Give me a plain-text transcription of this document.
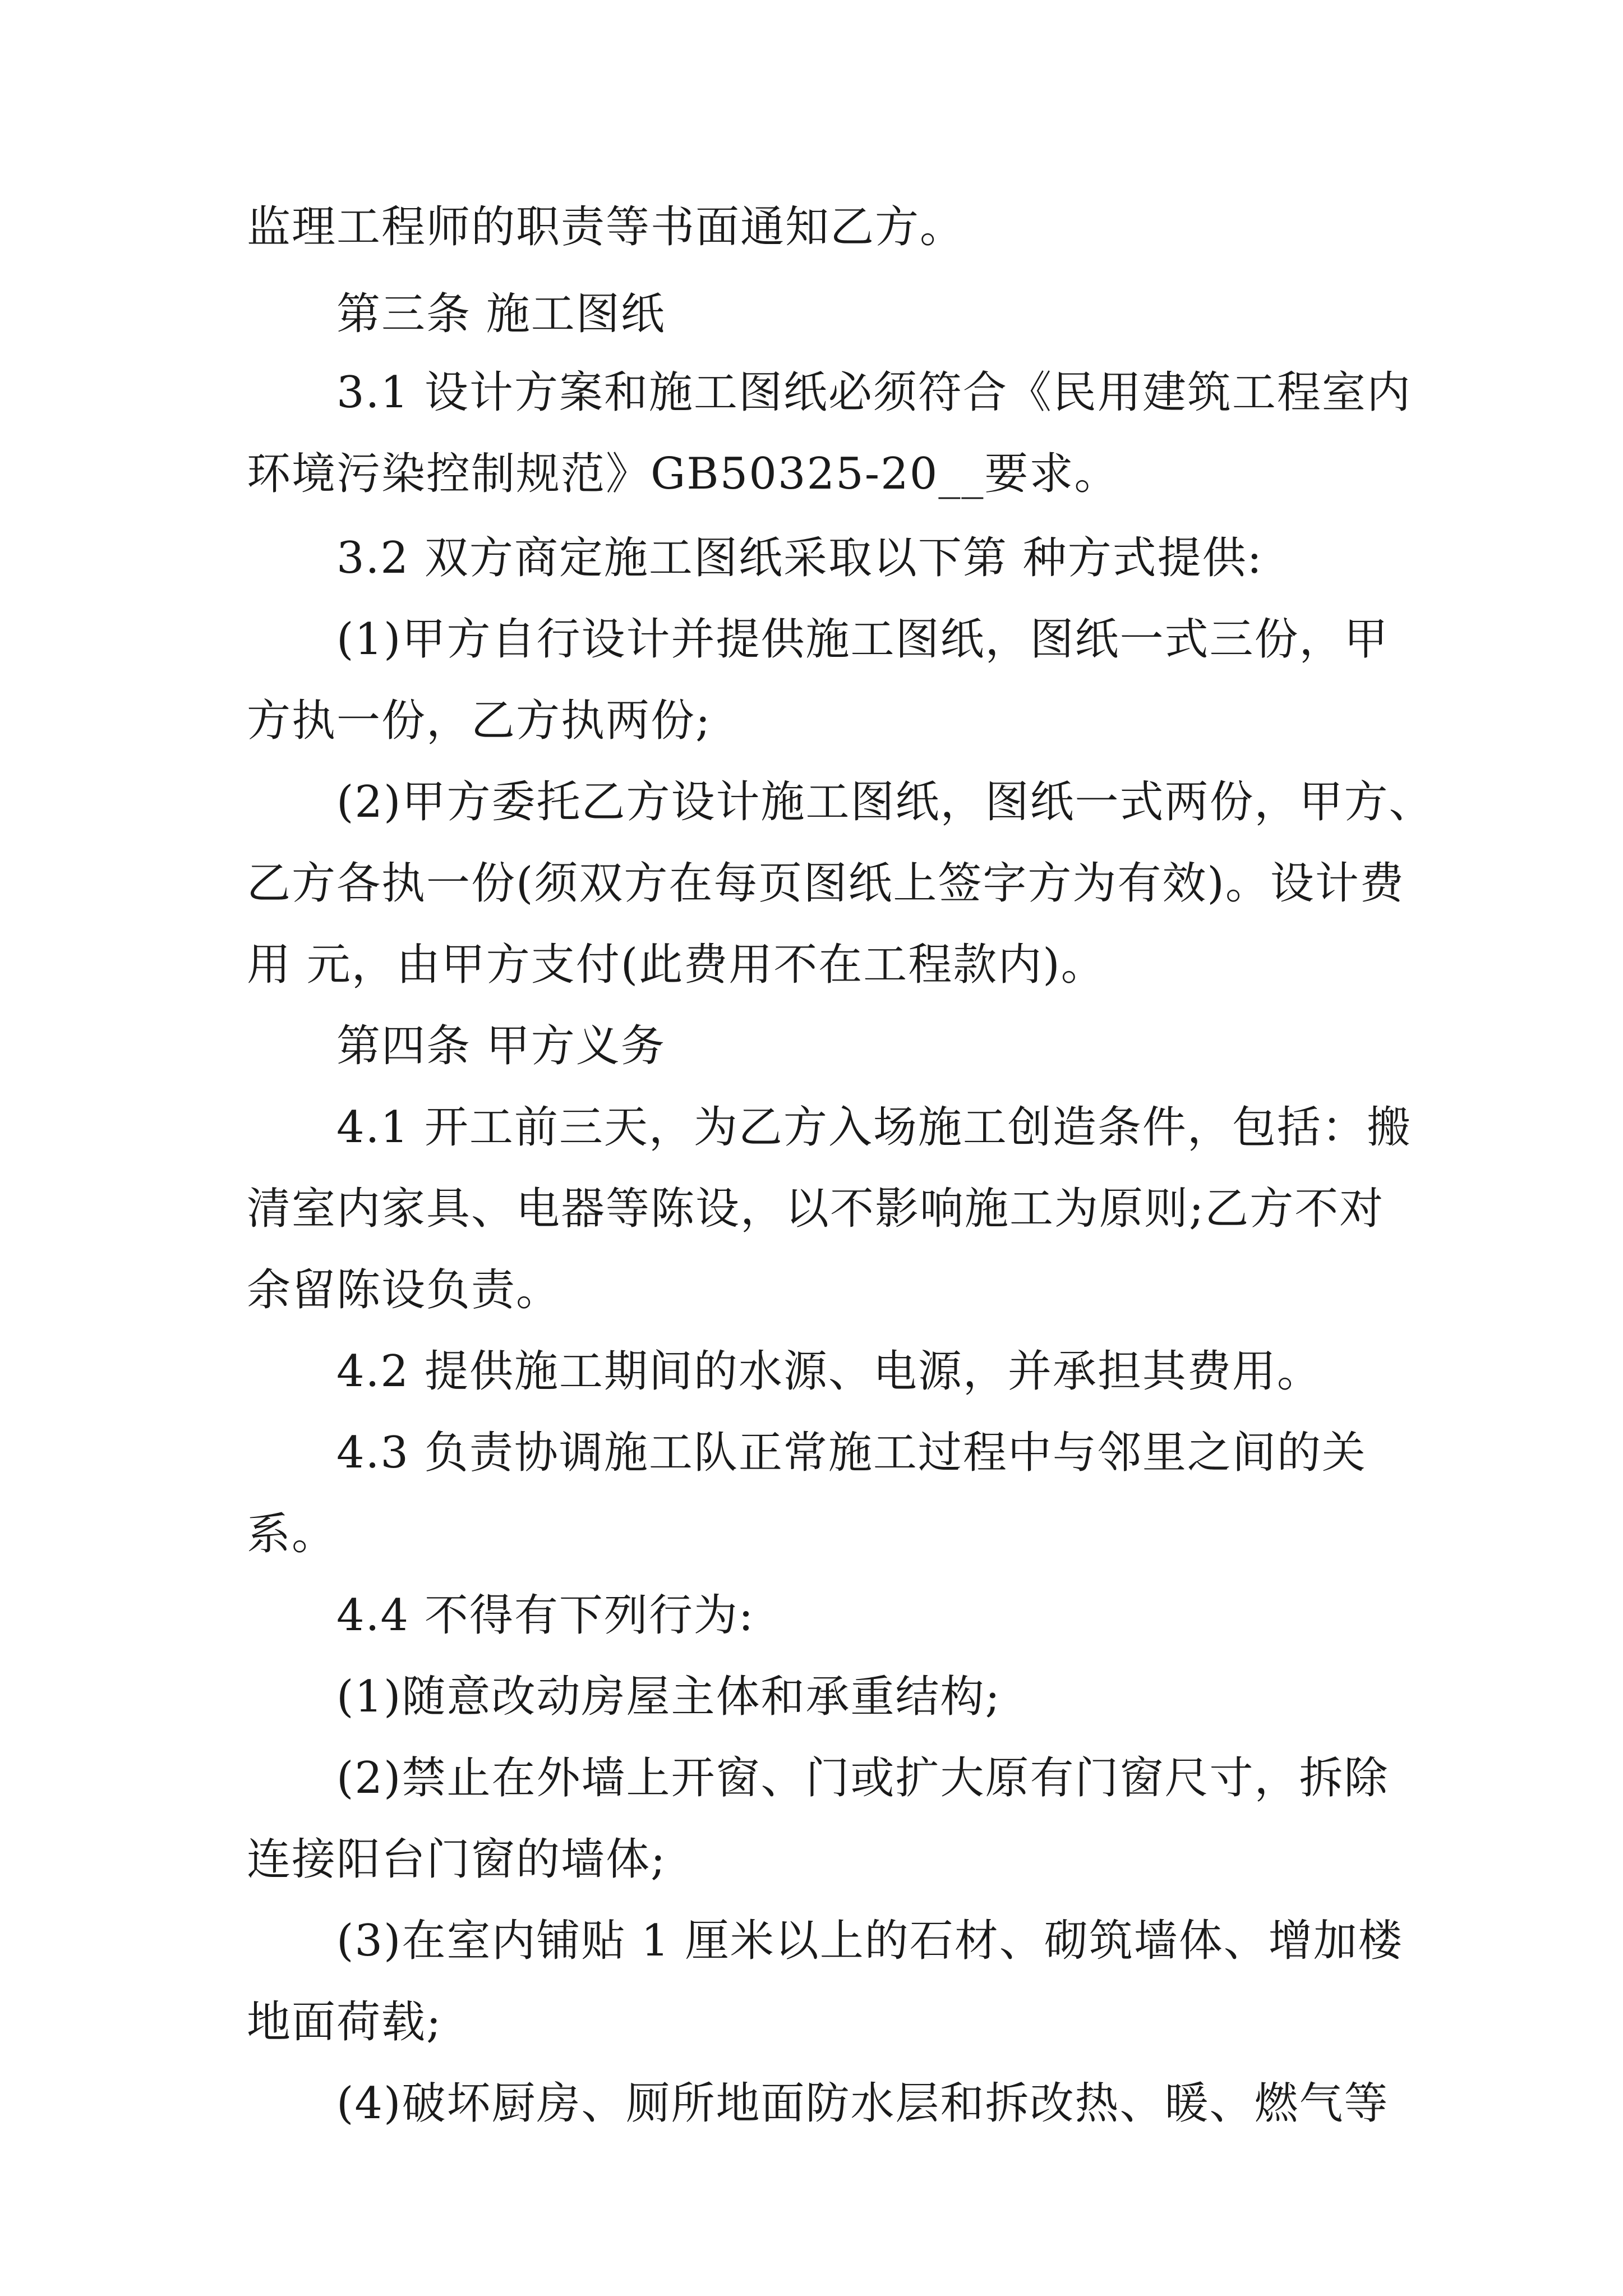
监理工程师的职责等书面通知乙方。
第三条 施工图纸
3.1 设计方案和施工图纸必须符合《民用建筑工程室内
环境污染控制规范》GB50325-20__要求。
3.2 双方商定施工图纸采取以下第 种方式提供:
(1)甲方自行设计并提供施工图纸，图纸一式三份，甲
方执一份，乙方执两份;
(2)甲方委托乙方设计施工图纸，图纸一式两份，甲方、
乙方各执一份(须双方在每页图纸上签字方为有效)。设计费
用 元，由甲方支付(此费用不在工程款内)。
第四条 甲方义务
4.1 开工前三天，为乙方入场施工创造条件，包括：搬
清室内家具、电器等陈设，以不影响施工为原则;乙方不对
余留陈设负责。
4.2 提供施工期间的水源、电源，并承担其费用。
4.3 负责协调施工队正常施工过程中与邻里之间的关
系。
4.4 不得有下列行为:
(1)随意改动房屋主体和承重结构;
(2)禁止在外墙上开窗、门或扩大原有门窗尺寸，拆除
连接阳台门窗的墙体;
(3)在室内铺贴 1 厘米以上的石材、砌筑墙体、增加楼
地面荷载;
(4)破坏厨房、厕所地面防水层和拆改热、暖、燃气等
